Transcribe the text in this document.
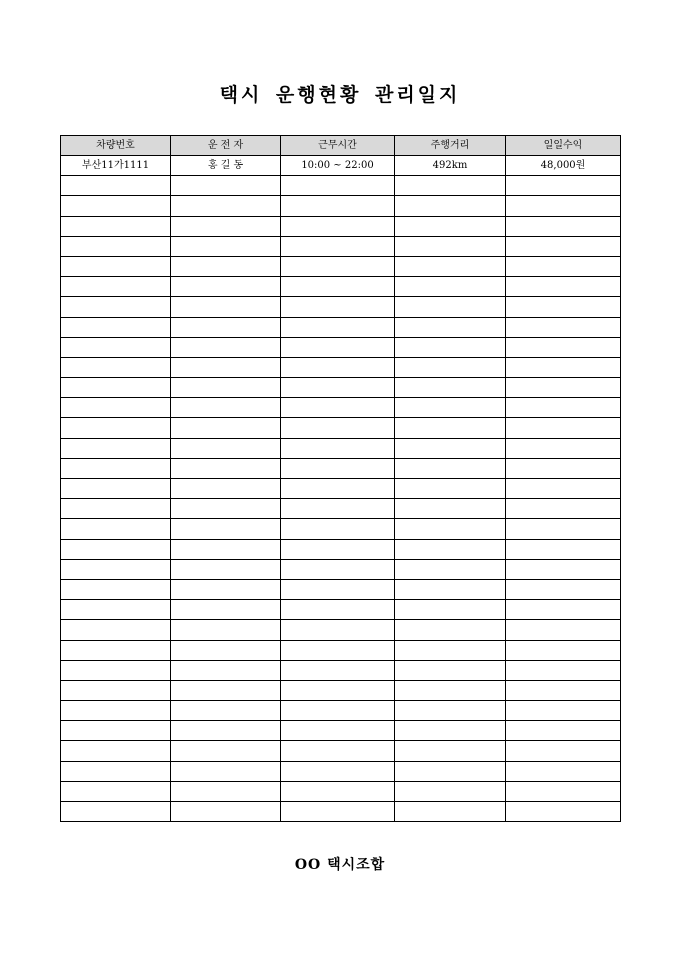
택시 운행현황 관리일지
차량번호	운 전 자	근무시간	주행거리	일일수익
부산11가1111	홍 길 동	10:00 ~ 22:00	492km	48,000원

OO 택시조합
